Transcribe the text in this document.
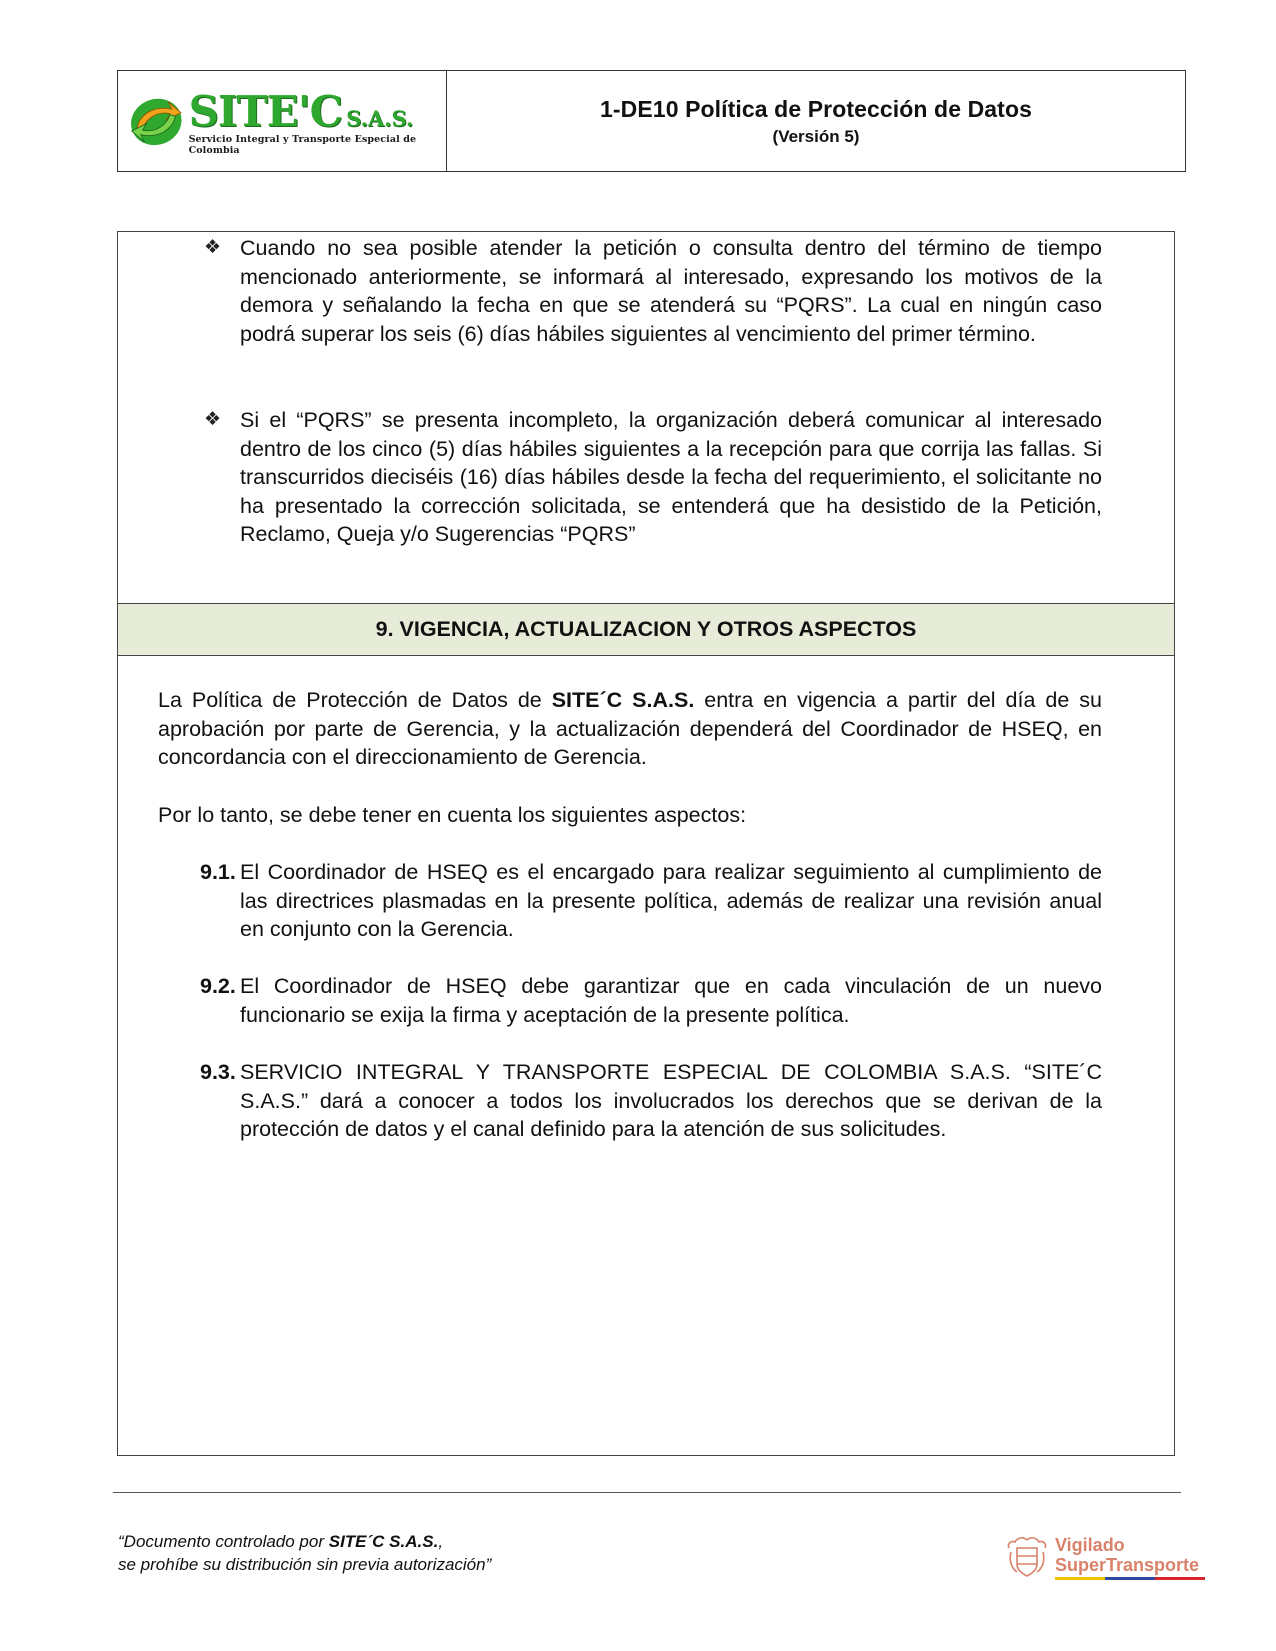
SITE'C S.A.S.
Servicio Integral y Transporte Especial de Colombia
1-DE10 Política de Protección de Datos
(Versión 5)
❖ Cuando no sea posible atender la petición o consulta dentro del término de tiempo mencionado anteriormente, se informará al interesado, expresando los motivos de la demora y señalando la fecha en que se atenderá su “PQRS”. La cual en ningún caso podrá superar los seis (6) días hábiles siguientes al vencimiento del primer término.
❖ Si el “PQRS” se presenta incompleto, la organización deberá comunicar al interesado dentro de los cinco (5) días hábiles siguientes a la recepción para que corrija las fallas. Si transcurridos dieciséis (16) días hábiles desde la fecha del requerimiento, el solicitante no ha presentado la corrección solicitada, se entenderá que ha desistido de la Petición, Reclamo, Queja y/o Sugerencias “PQRS”
9. VIGENCIA, ACTUALIZACION Y OTROS ASPECTOS
La Política de Protección de Datos de SITE´C S.A.S. entra en vigencia a partir del día de su aprobación por parte de Gerencia, y la actualización dependerá del Coordinador de HSEQ, en concordancia con el direccionamiento de Gerencia.
Por lo tanto, se debe tener en cuenta los siguientes aspectos:
9.1. El Coordinador de HSEQ es el encargado para realizar seguimiento al cumplimiento de las directrices plasmadas en la presente política, además de realizar una revisión anual en conjunto con la Gerencia.
9.2. El Coordinador de HSEQ debe garantizar que en cada vinculación de un nuevo funcionario se exija la firma y aceptación de la presente política.
9.3. SERVICIO INTEGRAL Y TRANSPORTE ESPECIAL DE COLOMBIA S.A.S. “SITE´C S.A.S.” dará a conocer a todos los involucrados los derechos que se derivan de la protección de datos y el canal definido para la atención de sus solicitudes.
“Documento controlado por SITE´C S.A.S.,
se prohíbe su distribución sin previa autorización”
Vigilado
SuperTransporte
